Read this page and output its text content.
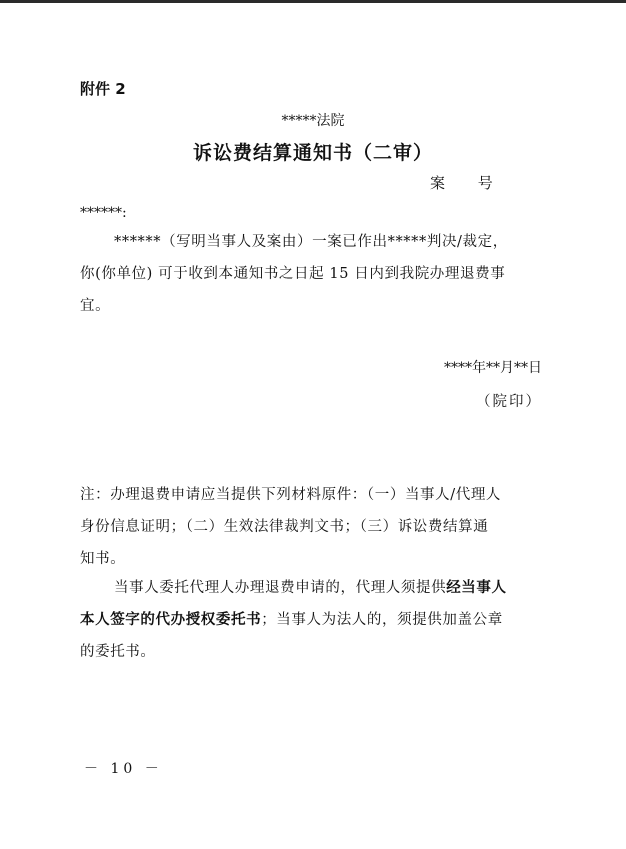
附件 2
*****法院
诉讼费结算通知书（二审）
案 号
******:
******（写明当事人及案由）一案已作出*****判决/裁定，
你(你单位) 可于收到本通知书之日起 15 日内到我院办理退费事
宜。
****年**月**日
（院印）
注：办理退费申请应当提供下列材料原件：（一）当事人/代理人
身份信息证明；（二）生效法律裁判文书；（三）诉讼费结算通
知书。
当事人委托代理人办理退费申请的，代理人须提供经当事人
本人签字的代办授权委托书；当事人为法人的，须提供加盖公章
的委托书。
－ 10 －
